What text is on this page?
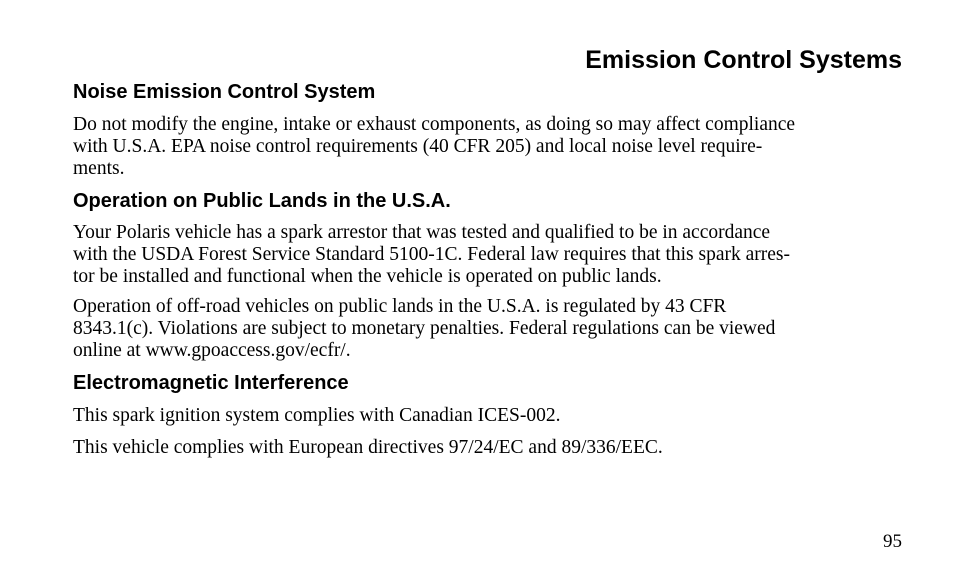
Emission Control Systems
Noise Emission Control System

Do not modify the engine, intake or exhaust components, as doing so may affect compliance
with U.S.A. EPA noise control requirements (40 CFR 205) and local noise level require-
ments.

Operation on Public Lands in the U.S.A.

Your Polaris vehicle has a spark arrestor that was tested and qualified to be in accordance
with the USDA Forest Service Standard 5100-1C. Federal law requires that this spark arres-
tor be installed and functional when the vehicle is operated on public lands.

Operation of off-road vehicles on public lands in the U.S.A. is regulated by 43 CFR
8343.1(c). Violations are subject to monetary penalties. Federal regulations can be viewed
online at www.gpoaccess.gov/ecfr/.

Electromagnetic Interference

This spark ignition system complies with Canadian ICES-002.

This vehicle complies with European directives 97/24/EC and 89/336/EEC.

95
